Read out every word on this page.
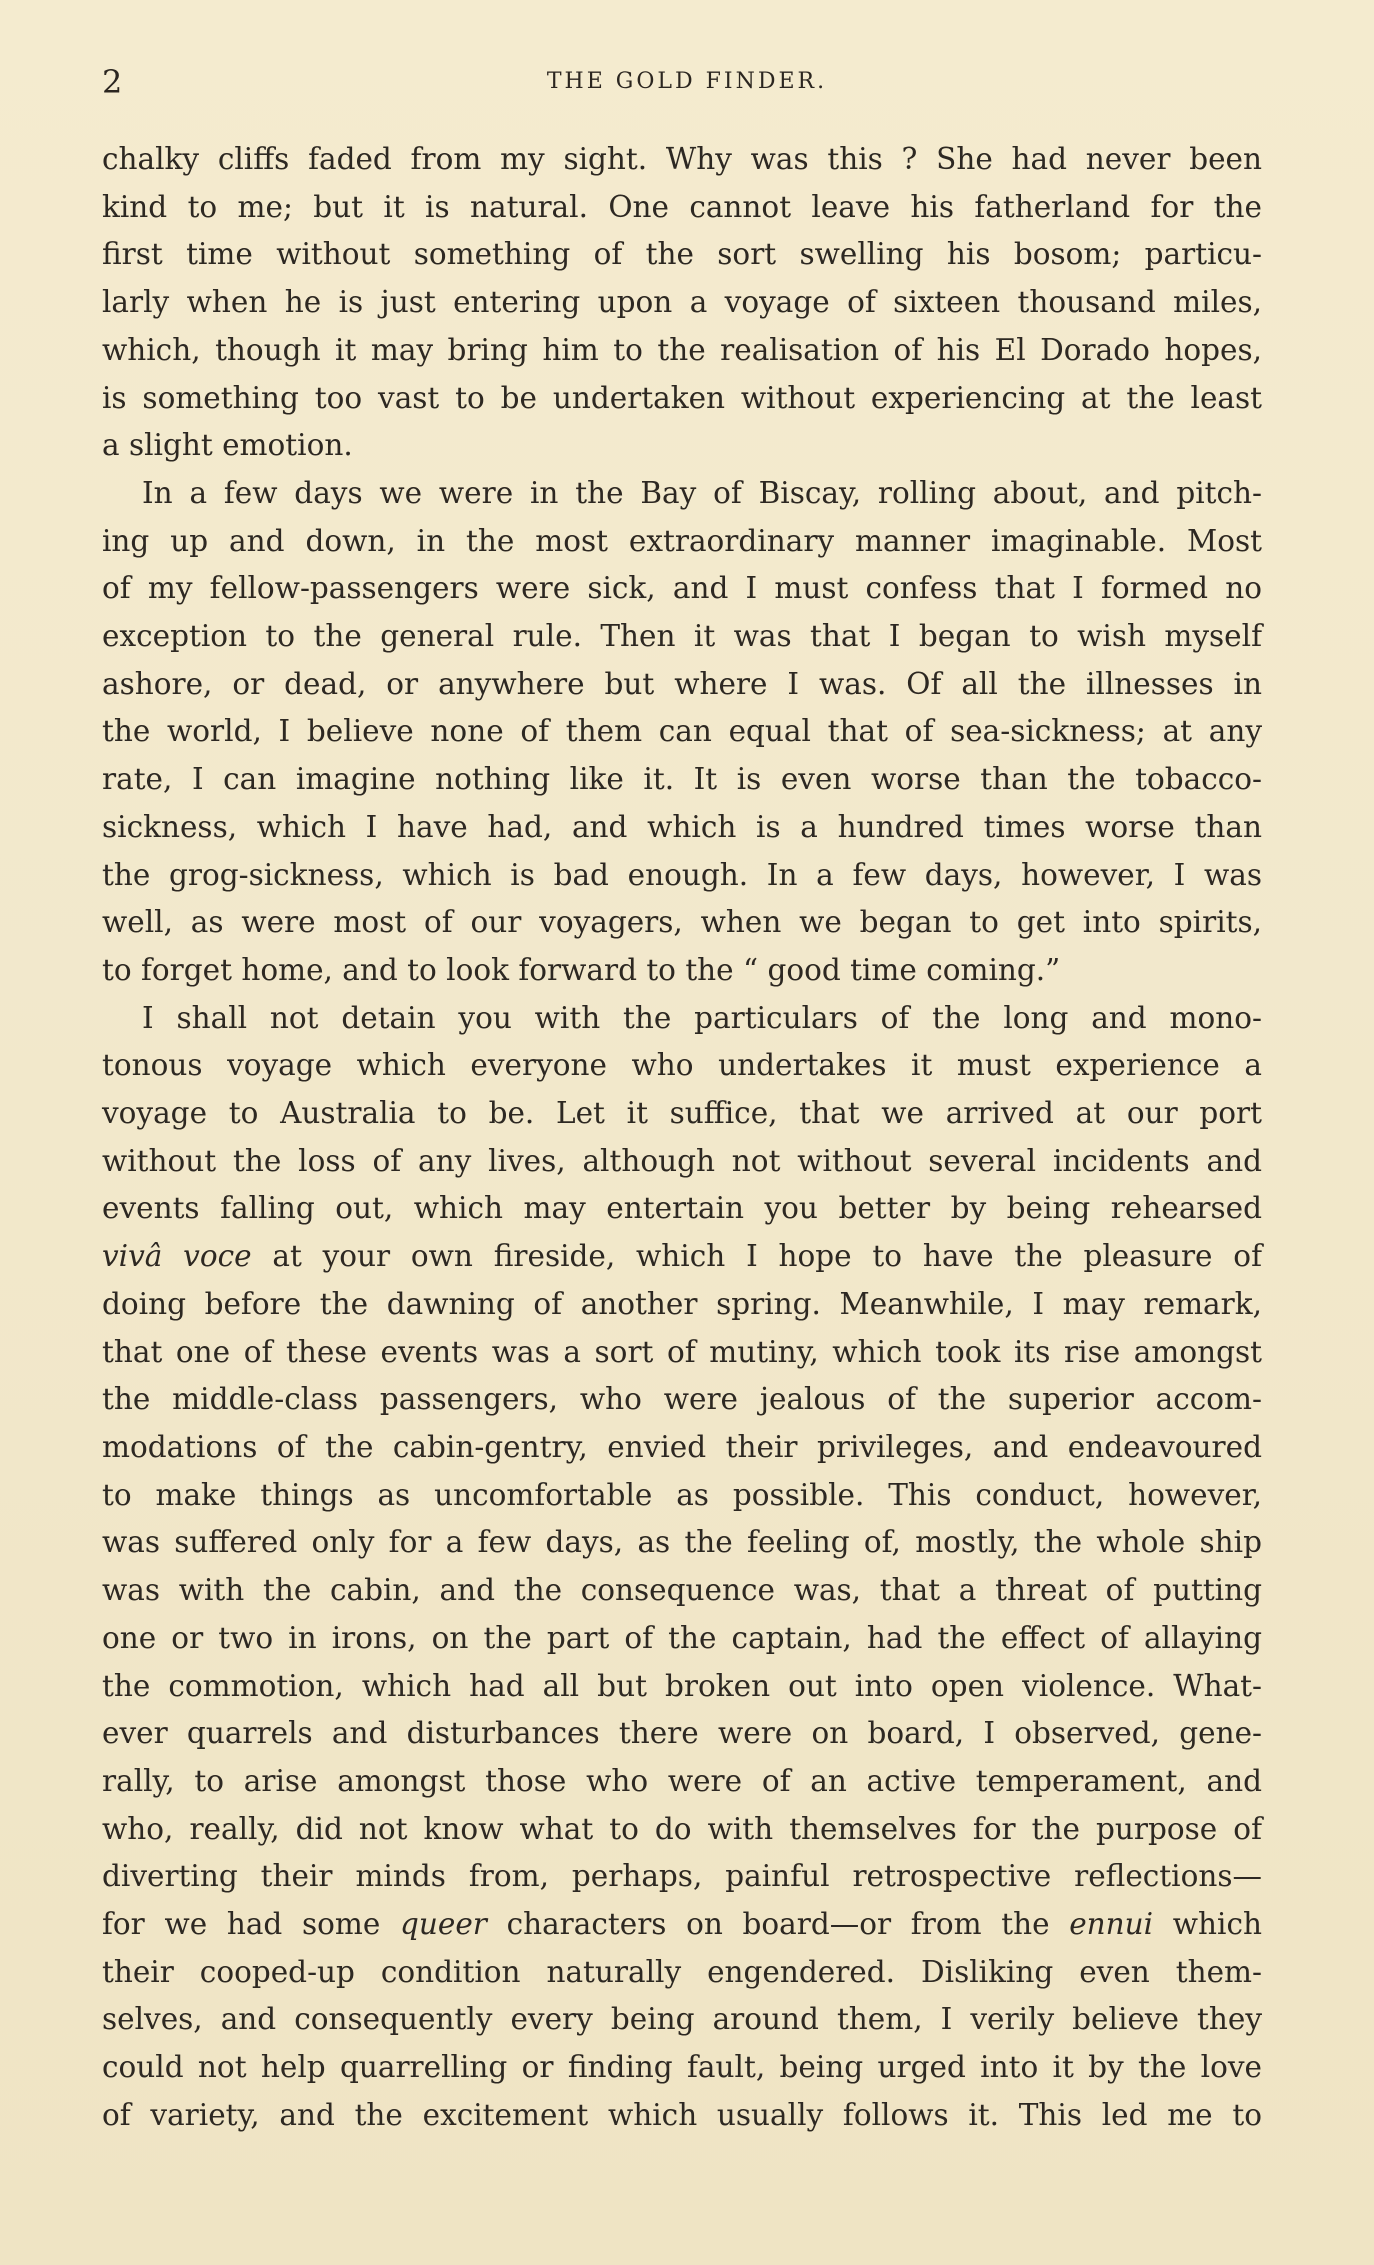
2	THE GOLD FINDER.

chalky cliffs faded from my sight. Why was this ? She had never been

kind to me; but it is natural. One cannot leave his fatherland for the

first time without something of the sort swelling his bosom; particu-

larly when he is just entering upon a voyage of sixteen thousand miles,

which, though it may bring him to the realisation of his El Dorado hopes,

is something too vast to be undertaken without experiencing at the least

a slight emotion.

In a few days we were in the Bay of Biscay, rolling about, and pitch-

ing up and down, in the most extraordinary manner imaginable. Most

of my fellow-passengers were sick, and I must confess that I formed no

exception to the general rule. Then it was that I began to wish myself

ashore, or dead, or anywhere but where I was. Of all the illnesses in

the world, I believe none of them can equal that of sea-sickness; at any

rate, I can imagine nothing like it. It is even worse than the tobacco-

sickness, which I have had, and which is a hundred times worse than

the grog-sickness, which is bad enough. In a few days, however, I was

well, as were most of our voyagers, when we began to get into spirits,

to forget home, and to look forward to the “ good time coming.”

I shall not detain you with the particulars of the long and mono-

tonous voyage which everyone who undertakes it must experience a

voyage to Australia to be. Let it suffice, that we arrived at our port

without the loss of any lives, although not without several incidents and

events falling out, which may entertain you better by being rehearsed

vivâ voce at your own fireside, which I hope to have the pleasure of

doing before the dawning of another spring. Meanwhile, I may remark,

that one of these events was a sort of mutiny, which took its rise amongst

the middle-class passengers, who were jealous of the superior accom-

modations of the cabin-gentry, envied their privileges, and endeavoured

to make things as uncomfortable as possible. This conduct, however,

was suffered only for a few days, as the feeling of, mostly, the whole ship

was with the cabin, and the consequence was, that a threat of putting

one or two in irons, on the part of the captain, had the effect of allaying

the commotion, which had all but broken out into open violence. What-

ever quarrels and disturbances there were on board, I observed, gene-

rally, to arise amongst those who were of an active temperament, and

who, really, did not know what to do with themselves for the purpose of

diverting their minds from, perhaps, painful retrospective reflections—

for we had some queer characters on board—or from the ennui which

their cooped-up condition naturally engendered. Disliking even them-

selves, and consequently every being around them, I verily believe they

could not help quarrelling or finding fault, being urged into it by the love

of variety, and the excitement which usually follows it. This led me to
